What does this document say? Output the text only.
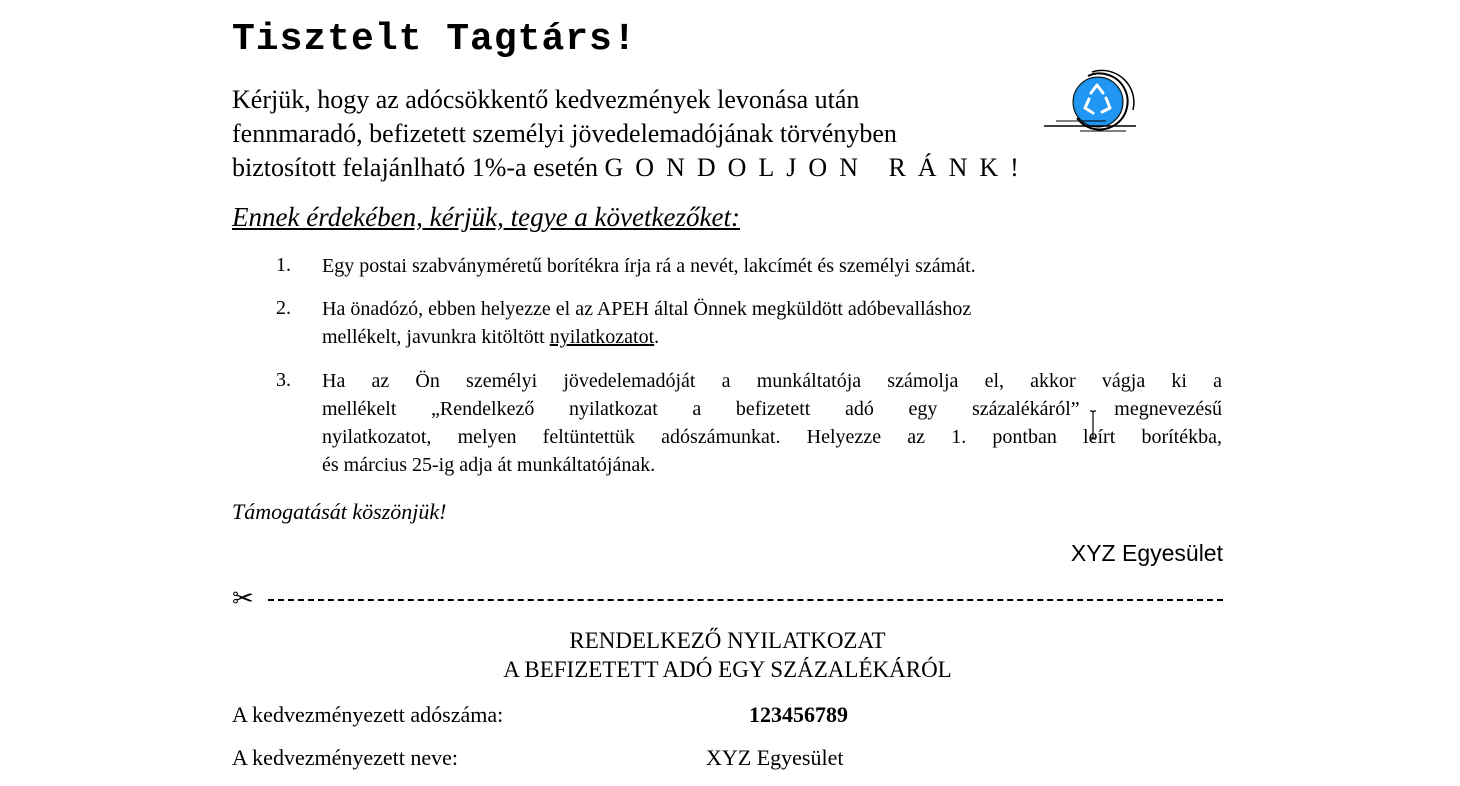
Tisztelt Tagtárs!
Kérjük, hogy az adócsökkentő kedvezmények levonása után
fennmaradó, befizetett személyi jövedelemadójának törvényben
biztosított felajánlható 1%-a esetén GONDOLJON RÁNK!
Ennek érdekében, kérjük, tegye a következőket:
1. Egy postai szabványméretű borítékra írja rá a nevét, lakcímét és személyi számát.
2. Ha önadózó, ebben helyezze el az APEH által Önnek megküldött adóbevalláshoz
mellékelt, javunkra kitöltött nyilatkozatot.
3. Ha az Ön személyi jövedelemadóját a munkáltatója számolja el, akkor vágja ki a
mellékelt „Rendelkező nyilatkozat a befizetett adó egy százalékáról” megnevezésű
nyilatkozatot, melyen feltüntettük adószámunkat. Helyezze az 1. pontban leírt borítékba,
és március 25-ig adja át munkáltatójának.
Támogatását köszönjük!
XYZ Egyesület
✂
RENDELKEZŐ NYILATKOZAT
A BEFIZETETT ADÓ EGY SZÁZALÉKÁRÓL
A kedvezményezett adószáma:	123456789
A kedvezményezett neve:	XYZ Egyesület
